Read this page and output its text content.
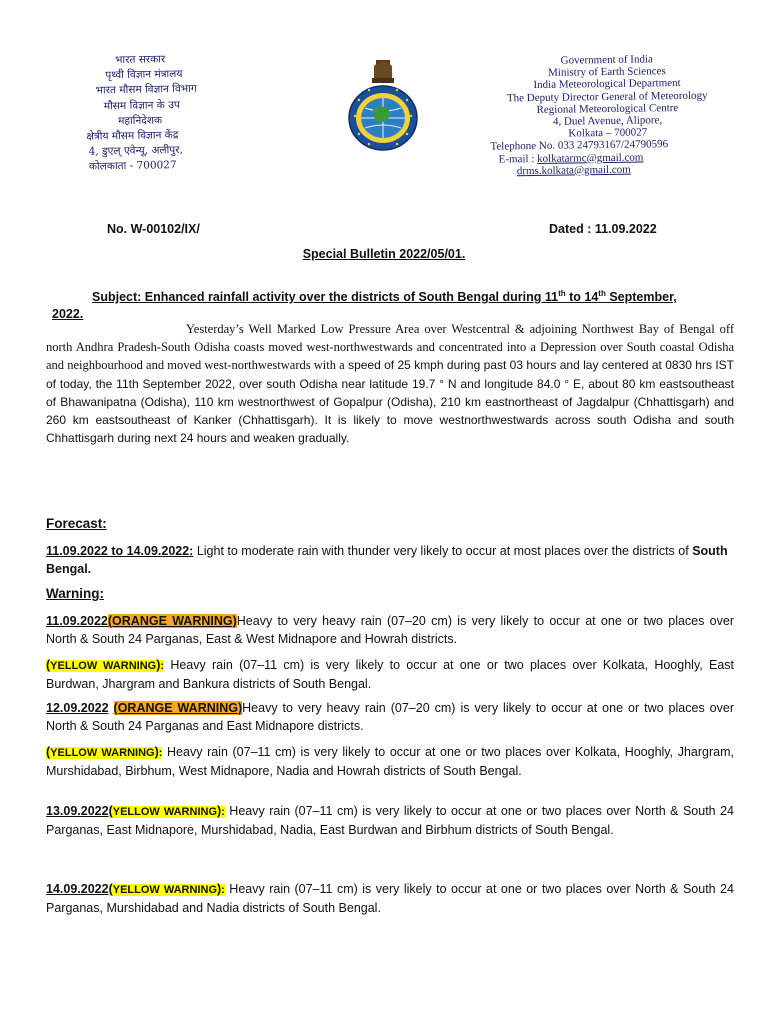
भारत सरकार
पृथ्वी विज्ञान मंत्रालय
भारत मौसम विज्ञान विभाग
मौसम विज्ञान के उप
महानिदेशक
क्षेत्रीय मौसम विज्ञान केंद्र
4, डुएल् एवेन्यू, अलीपुर,
कोलकाता - 700027
Government of India
Ministry of Earth Sciences
India Meteorological Department
The Deputy Director General of Meteorology
Regional Meteorological Centre
4, Duel Avenue, Alipore,
Kolkata – 700027
Telephone No. 033 24793167/24790596
E-mail : kolkatarmc@gmail.com
drms.kolkata@gmail.com
No. W-00102/IX/	Dated : 11.09.2022
Special Bulletin 2022/05/01.
Subject: Enhanced rainfall activity over the districts of South Bengal during 11th to 14th September,
2022.
Yesterday’s Well Marked Low Pressure Area over Westcentral & adjoining Northwest Bay of Bengal off north Andhra Pradesh-South Odisha coasts moved west-northwestwards and concentrated into a Depression over South coastal Odisha and neighbourhood and moved west-northwestwards with a speed of 25 kmph during past 03 hours and lay centered at 0830 hrs IST of today, the 11th September 2022, over south Odisha near latitude 19.7 ° N and longitude 84.0 ° E, about 80 km eastsoutheast of Bhawanipatna (Odisha), 110 km westnorthwest of Gopalpur (Odisha), 210 km eastnortheast of Jagdalpur (Chhattisgarh) and 260 km eastsoutheast of Kanker (Chhattisgarh). It is likely to move westnorthwestwards across south Odisha and south Chhattisgarh during next 24 hours and weaken gradually.
Forecast:
11.09.2022 to 14.09.2022: Light to moderate rain with thunder very likely to occur at most places over the districts of South Bengal.
Warning:
11.09.2022(ORANGE WARNING)Heavy to very heavy rain (07–20 cm) is very likely to occur at one or two places over North & South 24 Parganas, East & West Midnapore and Howrah districts.
(YELLOW WARNING): Heavy rain (07–11 cm) is very likely to occur at one or two places over Kolkata, Hooghly, East Burdwan, Jhargram and Bankura districts of South Bengal.
12.09.2022 (ORANGE WARNING)Heavy to very heavy rain (07–20 cm) is very likely to occur at one or two places over North & South 24 Parganas and East Midnapore districts.
(YELLOW WARNING): Heavy rain (07–11 cm) is very likely to occur at one or two places over Kolkata, Hooghly, Jhargram, Murshidabad, Birbhum, West Midnapore, Nadia and Howrah districts of South Bengal.
13.09.2022(YELLOW WARNING): Heavy rain (07–11 cm) is very likely to occur at one or two places over North & South 24 Parganas, East Midnapore, Murshidabad, Nadia, East Burdwan and Birbhum districts of South Bengal.
14.09.2022(YELLOW WARNING): Heavy rain (07–11 cm) is very likely to occur at one or two places over North & South 24 Parganas, Murshidabad and Nadia districts of South Bengal.
